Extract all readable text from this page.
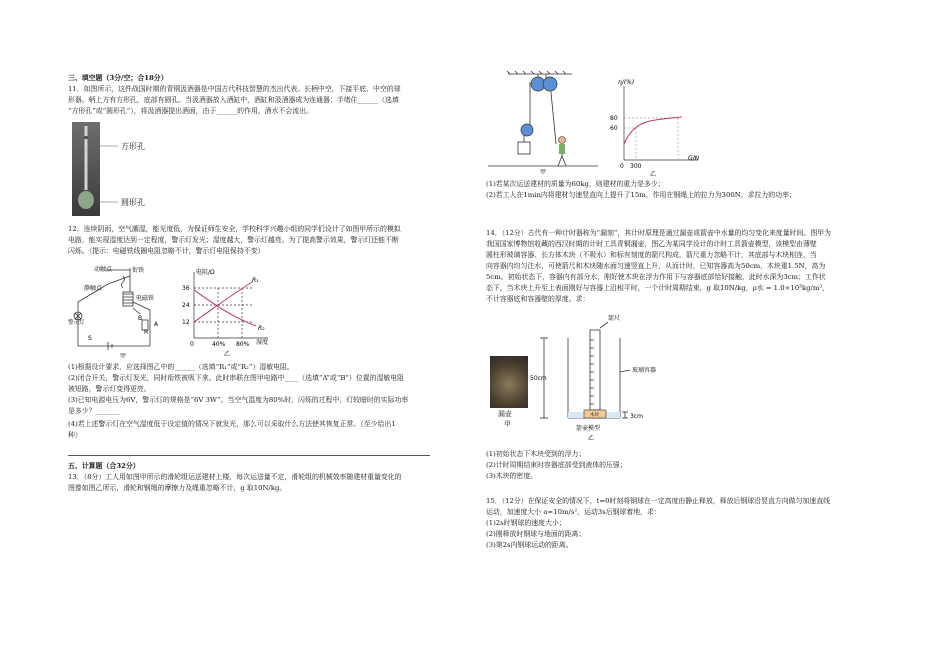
三、填空题（3分/空；合18分）
11．如图所示，这件战国时期的青铜汲酒器是中国古代科技智慧的杰出代表。长柄中空，下接平底、中空的球
形器。柄上方有方形孔，底部有圆孔。当汲酒器放入酒缸中，酒缸和汲酒器成为连通器；手堵住______（选填
“方形孔”或“圆形孔”），将汲酒器提出酒面，由于______的作用，酒水不会流出。
方形孔
圆形孔
12．连续阴雨，空气潮湿，能见度低，为保证师生安全，学校科学兴趣小组的同学们设计了如图甲所示的模拟
电路，能实现湿度达到一定程度，警示灯发光；湿度越大，警示灯越亮。为了提高警示效果，警示灯还能不断
闪烁。（提示：电磁铁线圈电阻忽略不计，警示灯电阻保持不变）
动触点	衔铁
静触点
电磁铁
警示灯
S
A
B
R
甲
电阻/Ω
36
24
12
0	40% 80% 湿度
R₁
R₂
乙
(1)根据设计要求，应选择图乙中的______（选填“R₁”或“R₂”）湿敏电阻。
(2)闭合开关，警示灯发光，同时衔铁被吸下来。此时串联在图甲电路中____（选填“A”或“B”）位置的湿敏电阻
被短路，警示灯变得更亮。
(3)已知电源电压为6V，警示灯的规格是“6V 3W”。当空气湿度为80%时，闪烁的过程中，灯较暗时的实际功率
是多少？_______
(4)若上述警示灯在空气湿度低于设定值的情况下就发光，那么可以采取什么方法使其恢复正常。（至少给出1
种）
五、计算题（合32分）
13．（8分）工人用如图甲所示的滑轮组运送建材上楼，每次运送量不定，滑轮组的机械效率随建材重量变化的
图像如图乙所示，滑轮和钢绳的摩擦力及绳重忽略不计，g 取10N/kg。
甲
η/(%)
80
60
0 300
G/N
乙
(1)若某次运送建材的质量为60kg，则建材的重力是多少；
(2)若工人在1min内将建材匀速竖直向上提升了15m，作用在钢绳上的拉力为300N，求拉力的功率；
14．（12分）古代有一种计时器称为“漏刻”，其计时原理是通过漏壶或箭壶中水量的均匀变化来度量时间。图甲为
我国国家博物馆收藏的西汉时期的计时工具青铜漏壶，图乙为某同学设计的计时工具箭壶模型，该模型由薄壁
圆柱形玻璃容器、长方体木块（不吸水）和标有刻度的箭尺构成，箭尺重力忽略不计，其底部与木块相连，当
向容器内均匀注水，可使箭尺和木块随水面匀速竖直上升，从而计时，已知容器高为50cm，木块重1.5N，高为
5cm。初始状态下，容器内有部分水，刚好使木块在浮力作用下与容器底部恰好接触，此时水深为3cm；工作状
态下，当木块上升至上表面刚好与容器上沿相平时，一个计时周期结束，g 取10N/kg，ρ水 = 1.0×10³kg/m³，
不计容器底和容器壁的厚度。求：
漏壶
甲
木块
箭尺
玻璃容器
50cm
3cm
箭壶模型
乙
(1)初始状态下木块受到的浮力；
(2)计时周期结束时容器底部受到液体的压强；
(3)木块的密度。
15．（12分）在保证安全的情况下，t=0时刻将钢球在一定高度由静止释放，释放后钢球沿竖直方向做匀加速直线
运动，加速度大小 a=10m/s²，运动3s后钢球着地，求：
(1)2s时钢球的速度大小；
(2)刚释放时钢球与地面的距离；
(3)第2s内钢球运动的距离。
